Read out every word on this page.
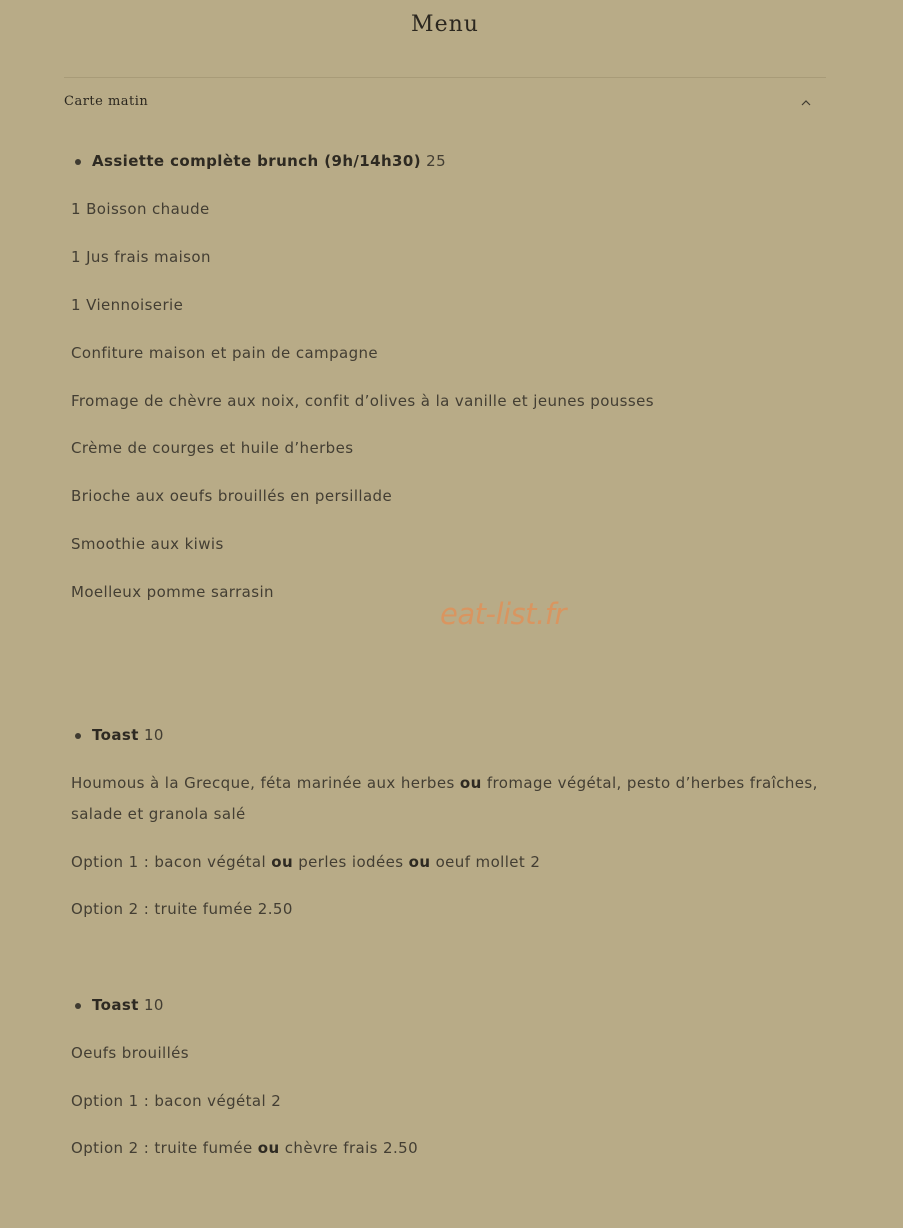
Menu
Carte matin
Assiette complète brunch (9h/14h30) 25
1 Boisson chaude
1 Jus frais maison
1 Viennoiserie
Confiture maison et pain de campagne
Fromage de chèvre aux noix, confit d’olives à la vanille et jeunes pousses
Crème de courges et huile d’herbes
Brioche aux oeufs brouillés en persillade
Smoothie aux kiwis
Moelleux pomme sarrasin
Toast 10
Houmous à la Grecque, féta marinée aux herbes ou fromage végétal, pesto d’herbes fraîches, salade et granola salé
Option 1 : bacon végétal ou perles iodées ou oeuf mollet 2
Option 2 : truite fumée 2.50
Toast 10
Oeufs brouillés
Option 1 : bacon végétal 2
Option 2 : truite fumée ou chèvre frais 2.50
eat-list.fr
